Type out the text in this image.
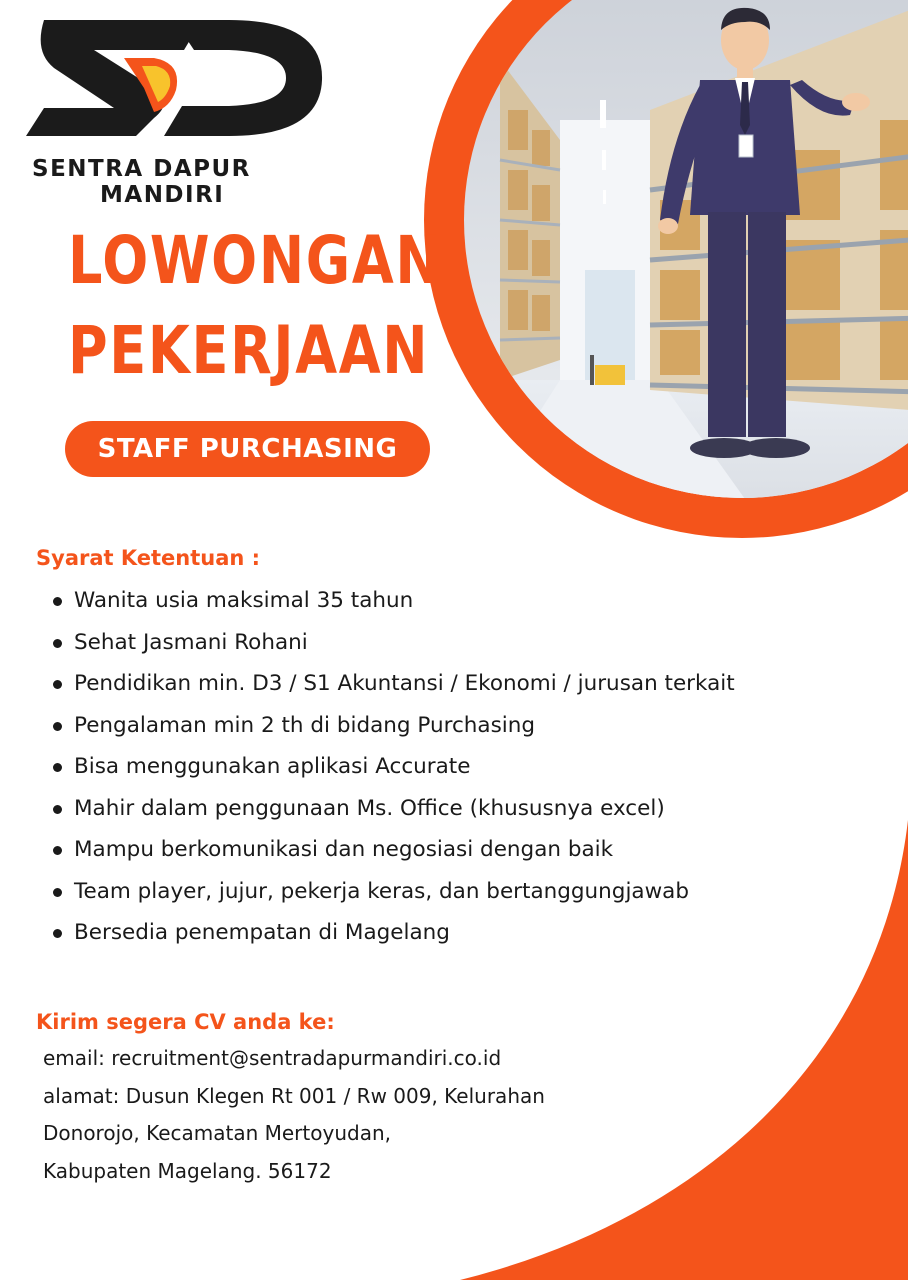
SENTRA DAPUR
MANDIRI
LOWONGAN
PEKERJAAN
STAFF PURCHASING
Syarat Ketentuan :
Wanita usia maksimal 35 tahun
Sehat Jasmani Rohani
Pendidikan min. D3 / S1 Akuntansi / Ekonomi / jurusan terkait
Pengalaman min 2 th di bidang Purchasing
Bisa menggunakan aplikasi Accurate
Mahir dalam penggunaan Ms. Office (khususnya excel)
Mampu berkomunikasi dan negosiasi dengan baik
Team player, jujur, pekerja keras, dan bertanggungjawab
Bersedia penempatan di Magelang
Kirim segera CV anda ke:
email: recruitment@sentradapurmandiri.co.id
alamat: Dusun Klegen Rt 001 / Rw 009, Kelurahan
Donorojo, Kecamatan Mertoyudan,
Kabupaten Magelang. 56172
